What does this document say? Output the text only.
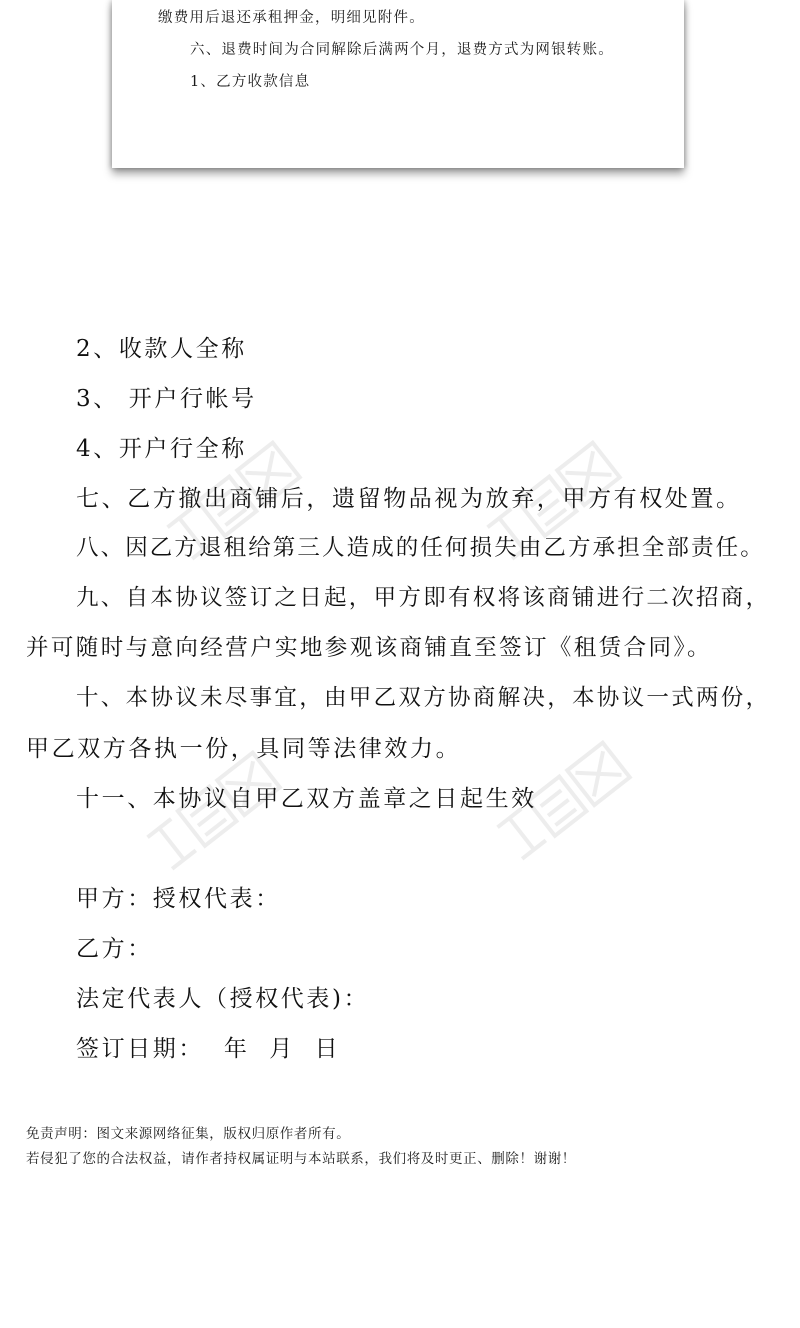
缴费用后退还承租押金，明细见附件。
六、退费时间为合同解除后满两个月，退费方式为网银转账。
1、乙方收款信息
2、收款人全称
3、 开户行帐号
4、开户行全称
七、乙方撤出商铺后，遗留物品视为放弃，甲方有权处置。
八、因乙方退租给第三人造成的任何损失由乙方承担全部责任。
九、自本协议签订之日起，甲方即有权将该商铺进行二次招商，
并可随时与意向经营户实地参观该商铺直至签订《租赁合同》。
十、本协议未尽事宜，由甲乙双方协商解决，本协议一式两份，
甲乙双方各执一份，具同等法律效力。
十一、本协议自甲乙双方盖章之日起生效
甲方：授权代表：
乙方：
法定代表人（授权代表)：
签订日期：  年  月  日
免责声明：图文来源网络征集，版权归原作者所有。
若侵犯了您的合法权益，请作者持权属证明与本站联系，我们将及时更正、删除！谢谢！
